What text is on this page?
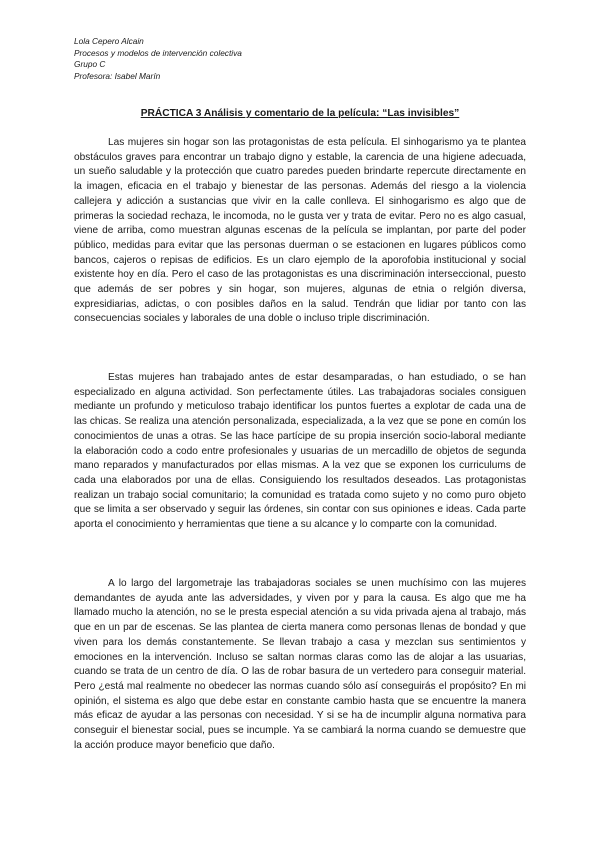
Lola Cepero Alcain
Procesos y modelos de intervención colectiva
Grupo C
Profesora: Isabel Marín
PRÁCTICA 3 Análisis y comentario de la película: “Las invisibles”

Las mujeres sin hogar son las protagonistas de esta película. El sinhogarismo ya te plantea obstáculos graves para encontrar un trabajo digno y estable, la carencia de una higiene adecuada, un sueño saludable y la protección que cuatro paredes pueden brindarte repercute directamente en la imagen, eficacia en el trabajo y bienestar de las personas. Además del riesgo a la violencia callejera y adicción a sustancias que vivir en la calle conlleva. El sinhogarismo es algo que de primeras la sociedad rechaza, le incomoda, no le gusta ver y trata de evitar. Pero no es algo casual, viene de arriba, como muestran algunas escenas de la película se implantan, por parte del poder público, medidas para evitar que las personas duerman o se estacionen en lugares públicos como bancos, cajeros o repisas de edificios. Es un claro ejemplo de la aporofobia institucional y social existente hoy en día. Pero el caso de las protagonistas es una discriminación interseccional, puesto que además de ser pobres y sin hogar, son mujeres, algunas de etnia o relgión diversa, expresidiarias, adictas, o con posibles daños en la salud. Tendrán que lidiar por tanto con las consecuencias sociales y laborales de una doble o incluso triple discriminación.

Estas mujeres han trabajado antes de estar desamparadas, o han estudiado, o se han especializado en alguna actividad. Son perfectamente útiles. Las trabajadoras sociales consiguen mediante un profundo y meticuloso trabajo identificar los puntos fuertes a explotar de cada una de las chicas. Se realiza una atención personalizada, especializada, a la vez que se pone en común los conocimientos de unas a otras. Se las hace partícipe de su propia inserción socio-laboral mediante la elaboración codo a codo entre profesionales y usuarias de un mercadillo de objetos de segunda mano reparados y manufacturados por ellas mismas. A la vez que se exponen los curriculums de cada una elaborados por una de ellas. Consiguiendo los resultados deseados. Las protagonistas realizan un trabajo social comunitario; la comunidad es tratada como sujeto y no como puro objeto que se limita a ser observado y seguir las órdenes, sin contar con sus opiniones e ideas. Cada parte aporta el conocimiento y herramientas que tiene a su alcance y lo comparte con la comunidad.

A lo largo del largometraje las trabajadoras sociales se unen muchísimo con las mujeres demandantes de ayuda ante las adversidades, y viven por y para la causa. Es algo que me ha llamado mucho la atención, no se le presta especial atención a su vida privada ajena al trabajo, más que en un par de escenas. Se las plantea de cierta manera como personas llenas de bondad y que viven para los demás constantemente. Se llevan trabajo a casa y mezclan sus sentimientos y emociones en la intervención. Incluso se saltan normas claras como las de alojar a las usuarias, cuando se trata de un centro de día. O las de robar basura de un vertedero para conseguir material. Pero ¿está mal realmente no obedecer las normas cuando sólo así conseguirás el propósito? En mi opinión, el sistema es algo que debe estar en constante cambio hasta que se encuentre la manera más eficaz de ayudar a las personas con necesidad. Y si se ha de incumplir alguna normativa para conseguir el bienestar social, pues se incumple. Ya se cambiará la norma cuando se demuestre que la acción produce mayor beneficio que daño.
